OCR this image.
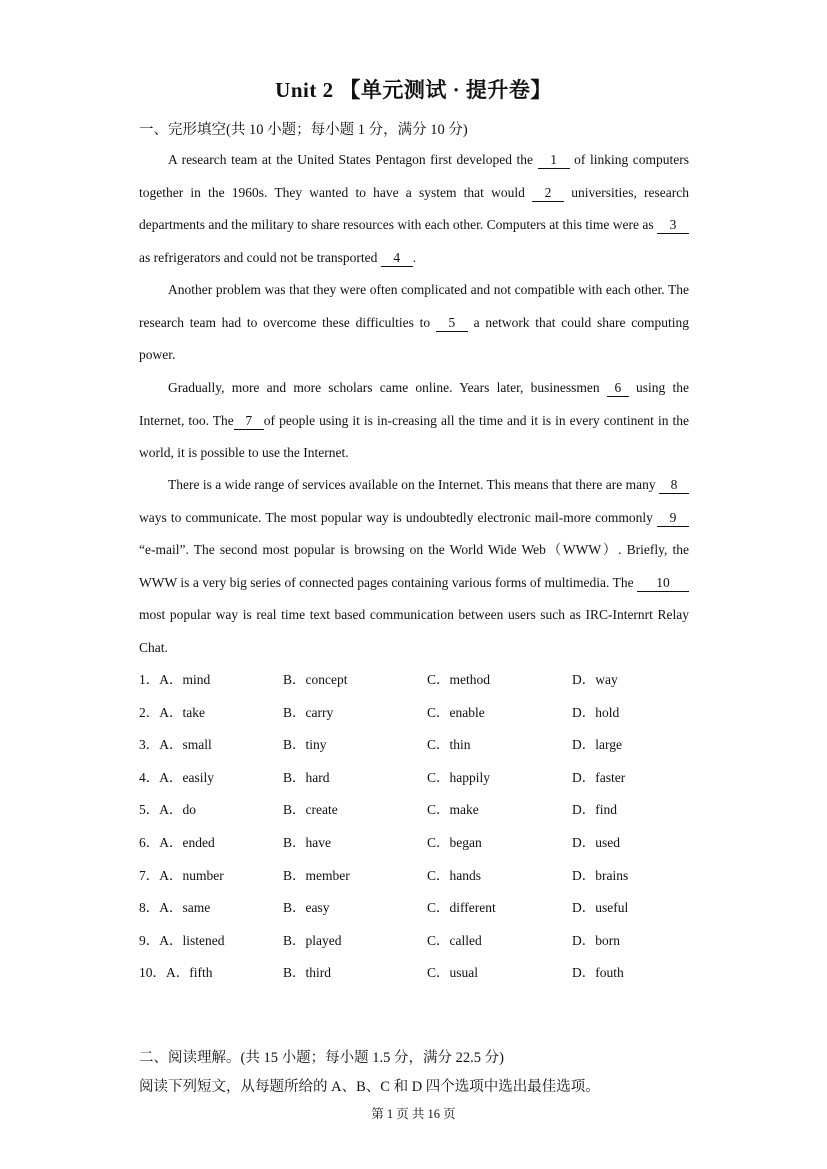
Unit 2 【单元测试 · 提升卷】
一、完形填空(共 10 小题；每小题 1 分，满分 10 分)
A research team at the United States Pentagon first developed the 1 of linking computers together in the 1960s. They wanted to have a system that would 2 universities, research departments and the military to share resources with each other. Computers at this time were as 3 as refrigerators and could not be transported 4 .
Another problem was that they were often complicated and not compatible with each other. The research team had to overcome these difficulties to 5 a network that could share computing power.
Gradually, more and more scholars came online. Years later, businessmen 6 using the Internet, too. The 7 of people using it is in-creasing all the time and it is in every continent in the world, it is possible to use the Internet.
There is a wide range of services available on the Internet. This means that there are many 8ways to communicate. The most popular way is undoubtedly electronic mail-more commonly 9 “e-mail”. The second most popular is browsing on the World Wide Web（WWW）. Briefly, the WWW is a very big series of connected pages containing various forms of multimedia. The 10 most popular way is real time text based communication between users such as IRC-Internrt Relay Chat.
1．A．mind	B．concept	C．method	D．way
2．A．take	B．carry	C．enable	D．hold
3．A．small	B．tiny	C．thin	D．large
4．A．easily	B．hard	C．happily	D．faster
5．A．do	B．create	C．make	D．find
6．A．ended	B．have	C．began	D．used
7．A．number	B．member	C．hands	D．brains
8．A．same	B．easy	C．different	D．useful
9．A．listened	B．played	C．called	D．born
10．A．fifth	B．third	C．usual	D．fouth
二、阅读理解。(共 15 小题；每小题 1.5 分，满分 22.5 分)
阅读下列短文，从每题所给的 A、B、C 和 D 四个选项中选出最佳选项。
第 1 页 共 16 页
